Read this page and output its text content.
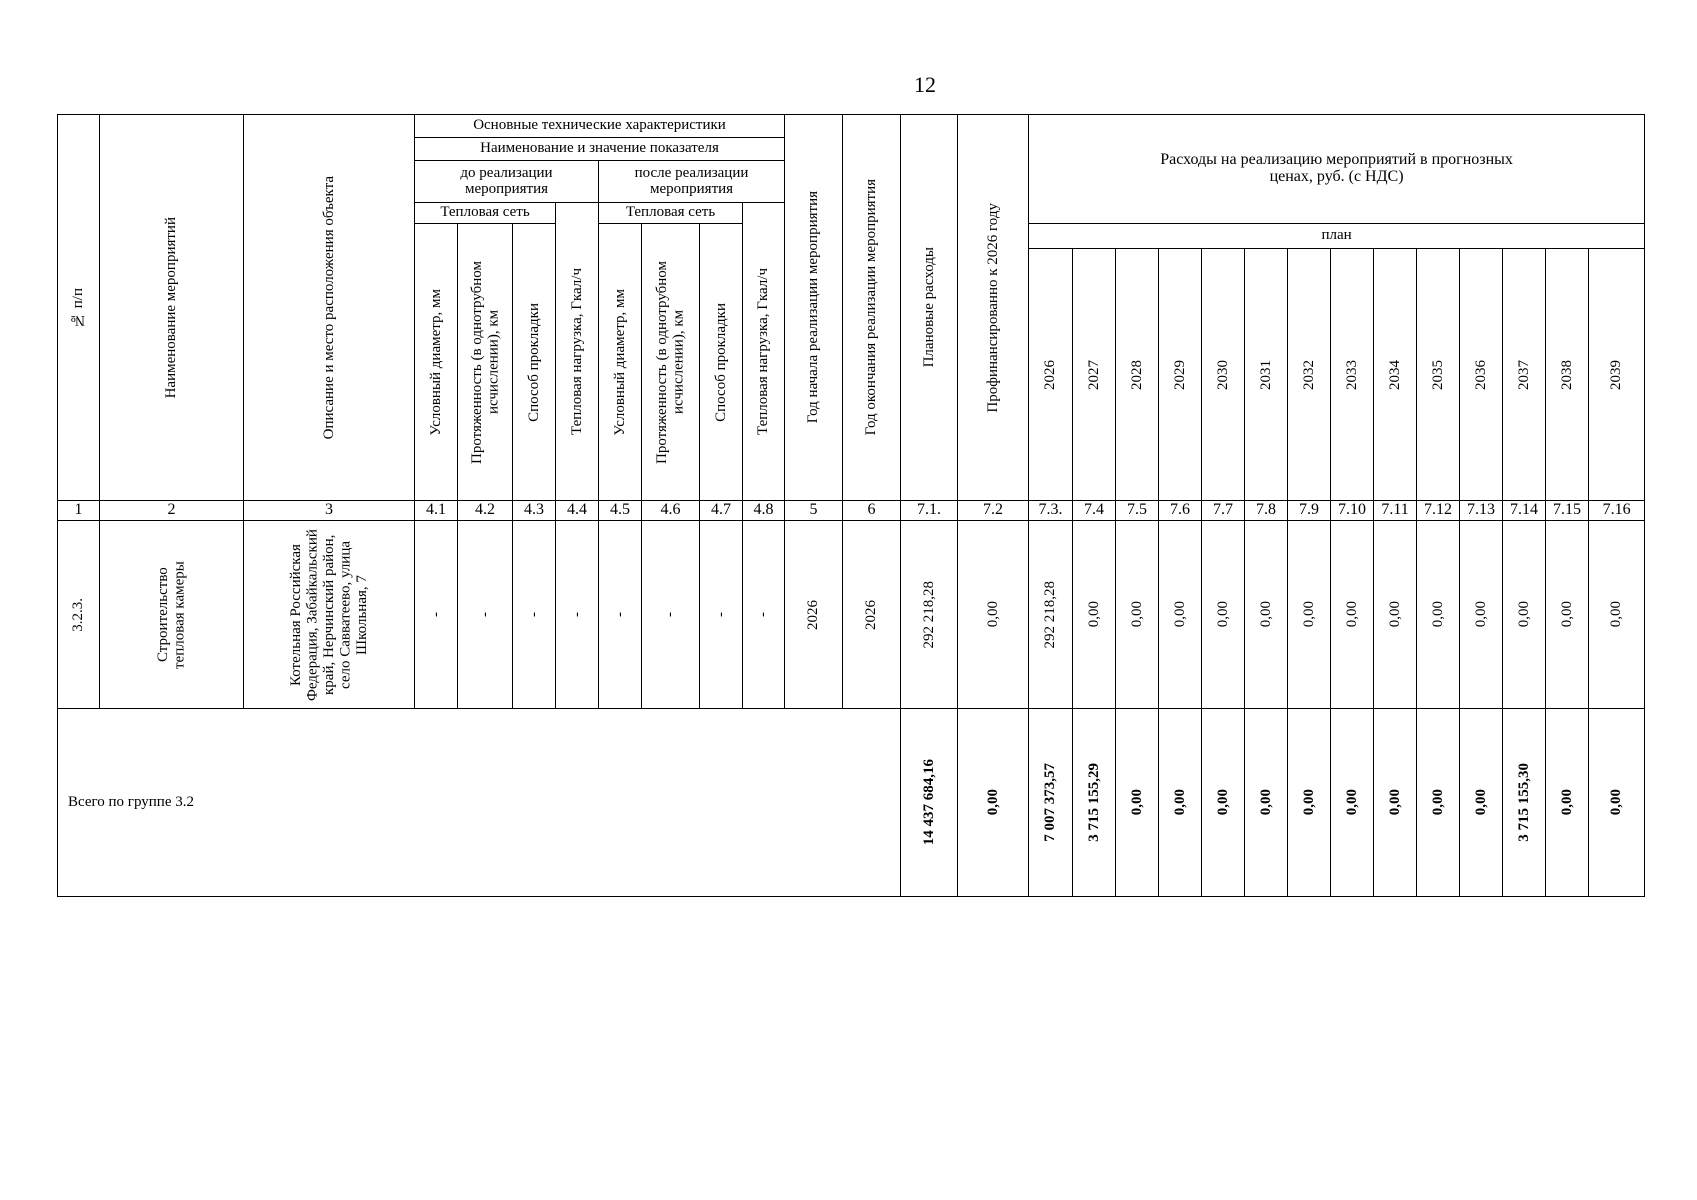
12
№ п/п	Наименование мероприятий	Описание и место расположения объекта	Основные технические характеристики								Год начала реализации мероприятия	Год окончания реализации мероприятия	Плановые расходы	Профинансированно к 2026 году	Расходы на реализацию мероприятий в прогнозных ценах, руб. (с НДС)													

			Наименование и значение показателя																									

			до реализации мероприятия				после реализации мероприятия																					

			Тепловая сеть			Тепловая нагрузка, Гкал/ч	Тепловая сеть			Тепловая нагрузка, Гкал/ч																		

			Условный диаметр, мм	Протяженность (в однотрубном исчислении), км	Способ прокладки		Условный диаметр, мм	Протяженность (в однотрубном исчислении), км	Способ прокладки						план													

															2026	2027	2028	2029	2030	2031	2032	2033	2034	2035	2036	2037	2038	2039

1	2	3	4.1	4.2	4.3	4.4	4.5	4.6	4.7	4.8	5	6	7.1.	7.2	7.3.	7.4	7.5	7.6	7.7	7.8	7.9	7.10	7.11	7.12	7.13	7.14	7.15	7.16

3.2.3.	Строительство тепловая камеры	Котельная Российская Федерация, Забайкальский край, Нерчинский район, село Савватеево, улица Школьная, 7	-	-	-	-	-	-	-	-	2026	2026	292 218,28	0,00	292 218,28	0,00	0,00	0,00	0,00	0,00	0,00	0,00	0,00	0,00	0,00	0,00	0,00	0,00

Всего по группе 3.2													14 437 684,16	0,00	7 007 373,57	3 715 155,29	0,00	0,00	0,00	0,00	0,00	0,00	0,00	0,00	0,00	3 715 155,30	0,00	0,00
